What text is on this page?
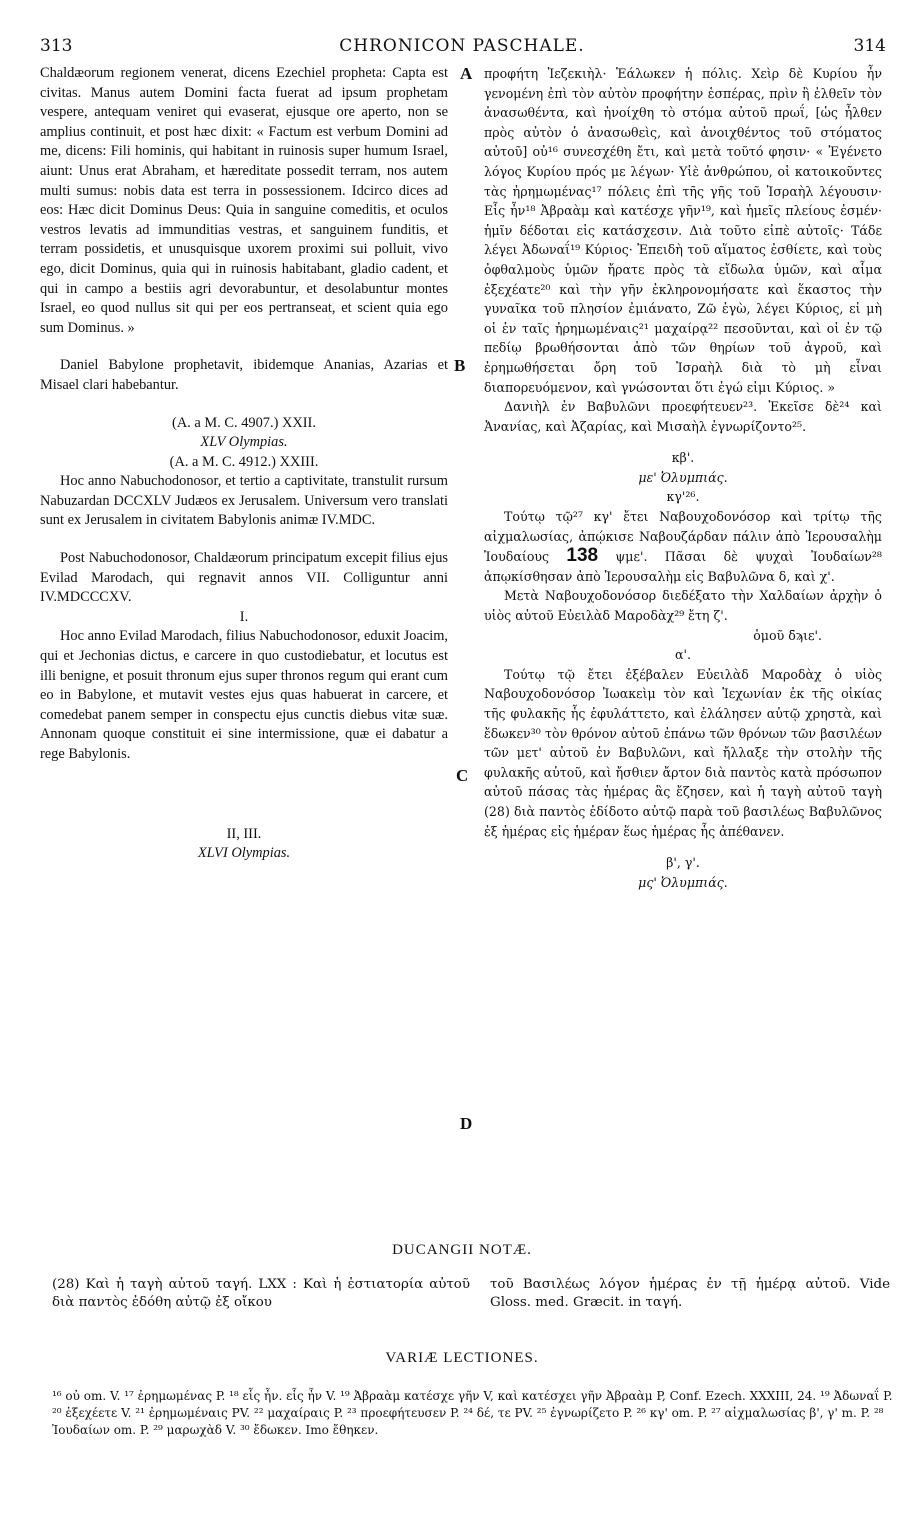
313	CHRONICON PASCHALE.	314

Chaldæorum regionem venerat, dicens Ezechiel propheta: Capta est civitas. Manus autem Domini facta fuerat ad ipsum prophetam vespere, antequam veniret qui evaserat, ejusque ore aperto, non se amplius continuit, et post hæc dixit: « Factum est verbum Domini ad me, dicens: Fili hominis, qui habitant in ruinosis super humum Israel, aiunt: Unus erat Abraham, et hæreditate possedit terram, nos autem multi sumus: nobis data est terra in possessionem. Idcirco dices ad eos: Hæc dicit Dominus Deus: Quia in sanguine comeditis, et oculos vestros levatis ad immunditias vestras, et sanguinem funditis, et terram possidetis, et unusquisque uxorem proximi sui polluit, vivo ego, dicit Dominus, quia qui in ruinosis habitabant, gladio cadent, et qui in campo a bestiis agri devorabuntur, et desolabuntur montes Israel, eo quod nullus sit qui per eos pertranseat, et scient quia ego sum Dominus. »

Daniel Babylone prophetavit, ibidemque Ananias, Azarias et Misael clari habebantur.

(A. a M. C. 4907.) XXII.

XLV Olympias.

(A. a M. C. 4912.) XXIII.

Hoc anno Nabuchodonosor, et tertio a captivitate, transtulit rursum Nabuzardan DCCXLV Judæos ex Jerusalem. Universum vero translati sunt ex Jerusalem in civitatem Babylonis animæ IV.MDC.

Post Nabuchodonosor, Chaldæorum principatum excepit filius ejus Evilad Marodach, qui regnavit annos VII. Colliguntur anni IV.MDCCCXV.

I.

Hoc anno Evilad Marodach, filius Nabuchodonosor, eduxit Joacim, qui et Jechonias dictus, e carcere in quo custodiebatur, et locutus est illi benigne, et posuit thronum ejus super thronos regum qui erant cum eo in Babylone, et mutavit vestes ejus quas habuerat in carcere, et comedebat panem semper in conspectu ejus cunctis diebus vitæ suæ. Annonam quoque constituit ei sine intermissione, quæ ei dabatur a rege Babylonis.

II, III.

XLVI Olympias.

A
B
C
D

προφήτη Ἰεζεκιὴλ· Ἑάλωκεν ἡ πόλις. Χεὶρ δὲ Κυρίου ἦν γενομένη ἐπὶ τὸν αὐτὸν προφήτην ἑσπέρας, πρὶν ἢ ἐλθεῖν τὸν ἀνασωθέντα, καὶ ἠνοίχθη τὸ στόμα αὐτοῦ πρωΐ, [ὡς ἦλθεν πρὸς αὐτὸν ὁ ἀνασωθεὶς, καὶ ἀνοιχθέντος τοῦ στόματος αὐτοῦ] οὐ¹⁶ συνεσχέθη ἔτι, καὶ μετὰ τοῦτό φησιν· « Ἐγένετο λόγος Κυρίου πρός με λέγων· Υἱὲ ἀνθρώπου, οἱ κατοικοῦντες τὰς ἠρημωμένας¹⁷ πόλεις ἐπὶ τῆς γῆς τοῦ Ἰσραὴλ λέγουσιν· Εἷς ἦν¹⁸ Ἀβραὰμ καὶ κατέσχε γῆν¹⁹, καὶ ἡμεῖς πλείους ἐσμέν· ἡμῖν δέδοται εἰς κατάσχεσιν. Διὰ τοῦτο εἰπὲ αὐτοῖς· Τάδε λέγει Ἀδωναΐ¹⁹ Κύριος· Ἐπειδὴ τοῦ αἵματος ἐσθίετε, καὶ τοὺς ὀφθαλμοὺς ὑμῶν ἤρατε πρὸς τὰ εἴδωλα ὑμῶν, καὶ αἷμα ἐξεχέατε²⁰ καὶ τὴν γῆν ἐκληρονομήσατε καὶ ἕκαστος τὴν γυναῖκα τοῦ πλησίον ἐμιάνατο, Ζῶ ἐγὼ, λέγει Κύριος, εἰ μὴ οἱ ἐν ταῖς ἠρημωμέναις²¹ μαχαίρᾳ²² πεσοῦνται, καὶ οἱ ἐν τῷ πεδίῳ βρωθήσονται ἀπὸ τῶν θηρίων τοῦ ἀγροῦ, καὶ ἐρημωθήσεται ὄρη τοῦ Ἰσραὴλ διὰ τὸ μὴ εἶναι διαπορευόμενον, καὶ γνώσονται ὅτι ἐγώ εἰμι Κύριος. »

Δανιὴλ ἐν Βαβυλῶνι προεφήτευεν²³. Ἐκεῖσε δὲ²⁴ καὶ Ἀνανίας, καὶ Ἀζαρίας, καὶ Μισαὴλ ἐγνωρίζοντο²⁵.

κβ'.

με' Ὀλυμπιάς.

κγ'²⁶.

Τούτῳ τῷ²⁷ κγ' ἔτει Ναβουχοδονόσορ καὶ τρίτῳ τῆς αἰχμαλωσίας, ἀπῴκισε Ναβουζάρδαν πάλιν ἀπὸ Ἱερουσαλὴμ Ἰουδαίους 138 ψμε'. Πᾶσαι δὲ ψυχαὶ Ἰουδαίων²⁸ ἀπῳκίσθησαν ἀπὸ Ἱερουσαλὴμ εἰς Βαβυλῶνα δ, καὶ χ'.

Μετὰ Ναβουχοδονόσορ διεδέξατο τὴν Χαλδαίων ἀρχὴν ὁ υἱὸς αὐτοῦ Εὐειλὰδ Μαροδὰχ²⁹ ἔτη ζ'.

ὁμοῦ δ̄ϡιε'.

α'.

Τούτῳ τῷ ἔτει ἐξέβαλεν Εὐειλὰδ Μαροδὰχ ὁ υἱὸς Ναβουχοδονόσορ Ἰωακεὶμ τὸν καὶ Ἰεχωνίαν ἐκ τῆς οἰκίας τῆς φυλακῆς ἧς ἐφυλάττετο, καὶ ἐλάλησεν αὐτῷ χρηστὰ, καὶ ἔδωκεν³⁰ τὸν θρόνον αὐτοῦ ἐπάνω τῶν θρόνων τῶν βασιλέων τῶν μετ' αὐτοῦ ἐν Βαβυλῶνι, καὶ ἤλλαξε τὴν στολὴν τῆς φυλακῆς αὐτοῦ, καὶ ἤσθιεν ἄρτον διὰ παντὸς κατὰ πρόσωπον αὐτοῦ πάσας τὰς ἡμέρας ἃς ἔζησεν, καὶ ἡ ταγὴ αὐτοῦ ταγὴ (28) διὰ παντὸς ἐδίδοτο αὐτῷ παρὰ τοῦ βασιλέως Βαβυλῶνος ἐξ ἡμέρας εἰς ἡμέραν ἕως ἡμέρας ἧς ἀπέθανεν.

β', γ'.

μς' Ὀλυμπιάς.

DUCANGII NOTÆ.
(28) Καὶ ἡ ταγὴ αὐτοῦ ταγή. LXX : Καὶ ἡ ἑστιατορία αὐτοῦ διὰ παντὸς ἐδόθη αὐτῷ ἐξ οἴκου
τοῦ Βασιλέως λόγον ἡμέρας ἐν τῇ ἡμέρᾳ αὐτοῦ. Vide Gloss. med. Græcit. in ταγή.
VARIÆ LECTIONES.
¹⁶ οὐ om. V. ¹⁷ ἐρημωμένας P. ¹⁸ εἷς ἦν. εἷς ἦν V. ¹⁹ Ἀβραὰμ κατέσχε γῆν V, καὶ κατέσχει γῆν Ἀβραὰμ P, Conf. Ezech. XXXIII, 24. ¹⁹ Ἀδωναΐ P. ²⁰ ἐξεχέετε V. ²¹ ἐρημωμέναις PV. ²² μαχαίραις P. ²³ προεφήτευσεν P. ²⁴ δέ, τε PV. ²⁵ ἐγνωρίζετο P. ²⁶ κγ' om. P. ²⁷ αἰχμαλωσίας β', γ' m. P. ²⁸ Ἰουδαίων om. P. ²⁹ μαρωχὰδ V. ³⁰ ἔδωκεν. Imo ἔθηκεν.
